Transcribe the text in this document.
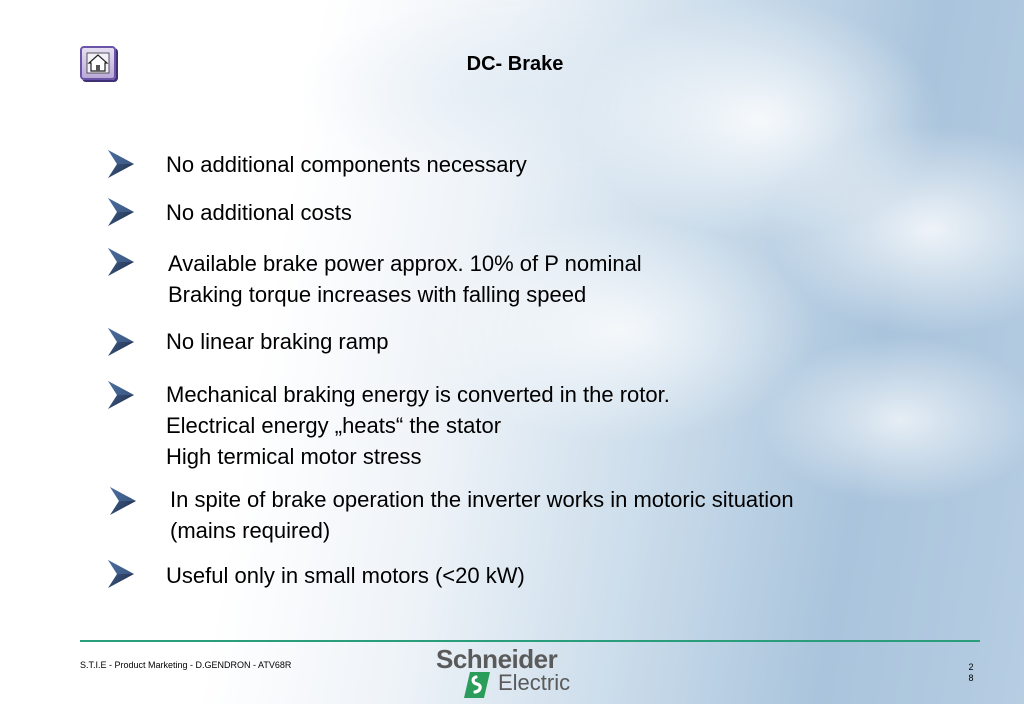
DC- Brake
No additional components necessary
No additional costs
Available brake power approx. 10% of P nominal
Braking torque increases with falling speed
No linear braking ramp
Mechanical braking energy is converted in the rotor.
Electrical energy „heats“ the stator
High termical motor stress
In spite of brake operation the inverter works in motoric situation
(mains required)
Useful only in small motors (<20 kW)
S.T.I.E - Product Marketing - D.GENDRON - ATV68R	Schneider
Electric
2
8
